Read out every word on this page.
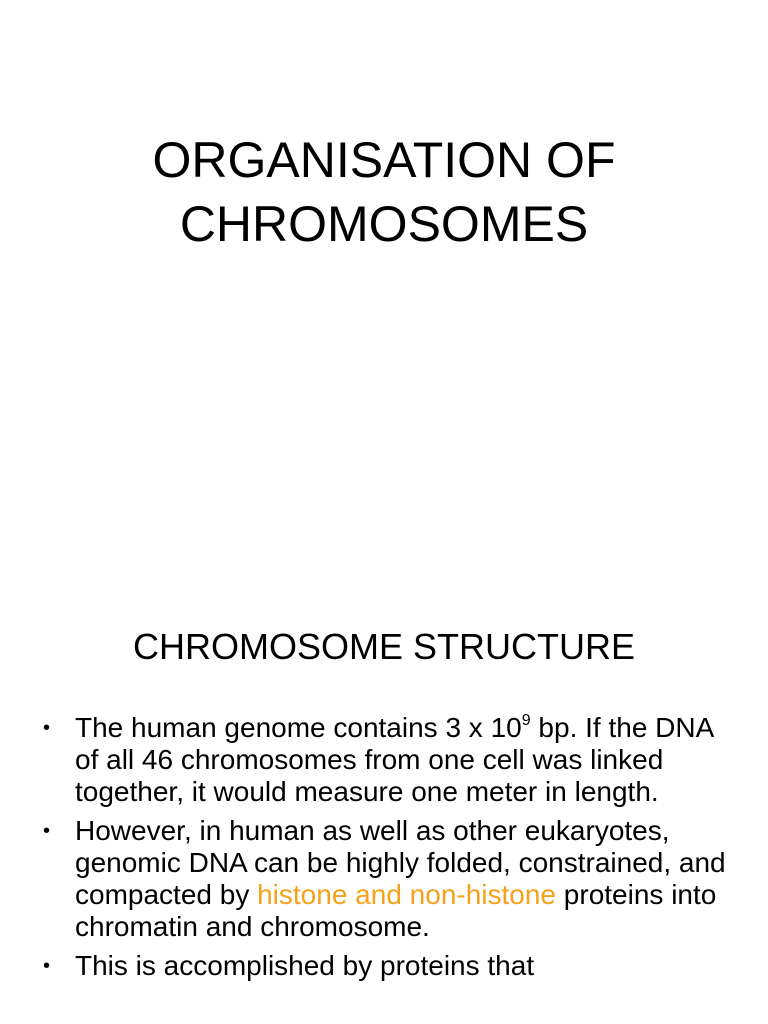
ORGANISATION OF
CHROMOSOMES
CHROMOSOME STRUCTURE
• The human genome contains 3 x $10^9$ bp. If the DNA of all 46 chromosomes from one cell was linked together, it would measure one meter in length.
• However, in human as well as other eukaryotes, genomic DNA can be highly folded, constrained, and compacted by histone and non-histone proteins into chromatin and chromosome.
• This is accomplished by proteins that
